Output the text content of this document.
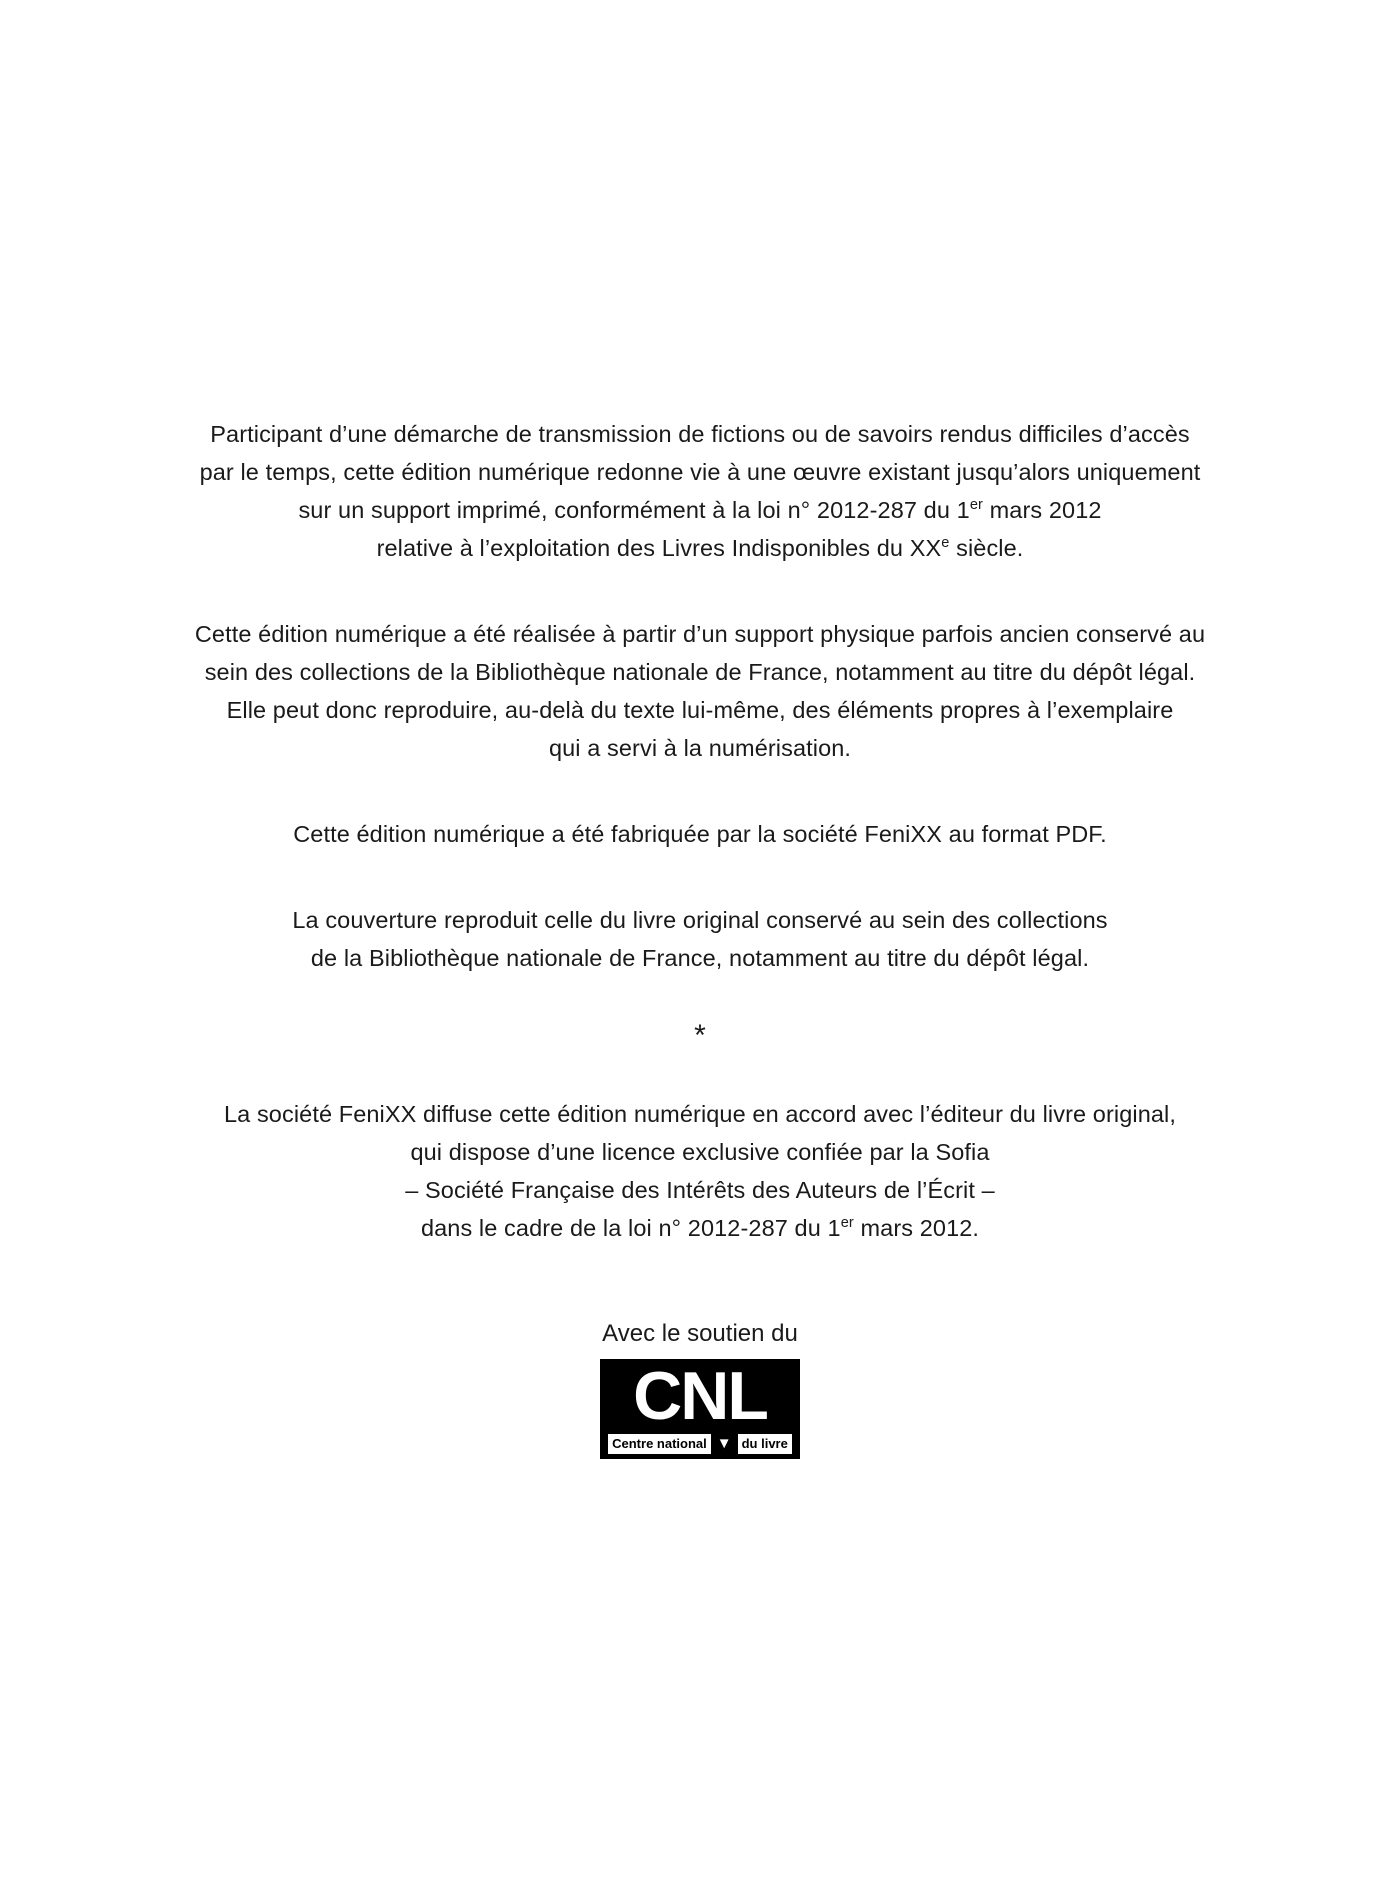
Participant d’une démarche de transmission de fictions ou de savoirs rendus difficiles d’accès
par le temps, cette édition numérique redonne vie à une œuvre existant jusqu’alors uniquement
sur un support imprimé, conformément à la loi n° 2012-287 du 1er mars 2012
relative à l’exploitation des Livres Indisponibles du XXe siècle.

Cette édition numérique a été réalisée à partir d’un support physique parfois ancien conservé au
sein des collections de la Bibliothèque nationale de France, notamment au titre du dépôt légal.
Elle peut donc reproduire, au-delà du texte lui-même, des éléments propres à l’exemplaire
qui a servi à la numérisation.

Cette édition numérique a été fabriquée par la société FeniXX au format PDF.

La couverture reproduit celle du livre original conservé au sein des collections
de la Bibliothèque nationale de France, notamment au titre du dépôt légal.

*

La société FeniXX diffuse cette édition numérique en accord avec l’éditeur du livre original,
qui dispose d’une licence exclusive confiée par la Sofia
– Société Française des Intérêts des Auteurs de l’Écrit –
dans le cadre de la loi n° 2012-287 du 1er mars 2012.

Avec le soutien du
CNL
Centre national ▼ du livre
